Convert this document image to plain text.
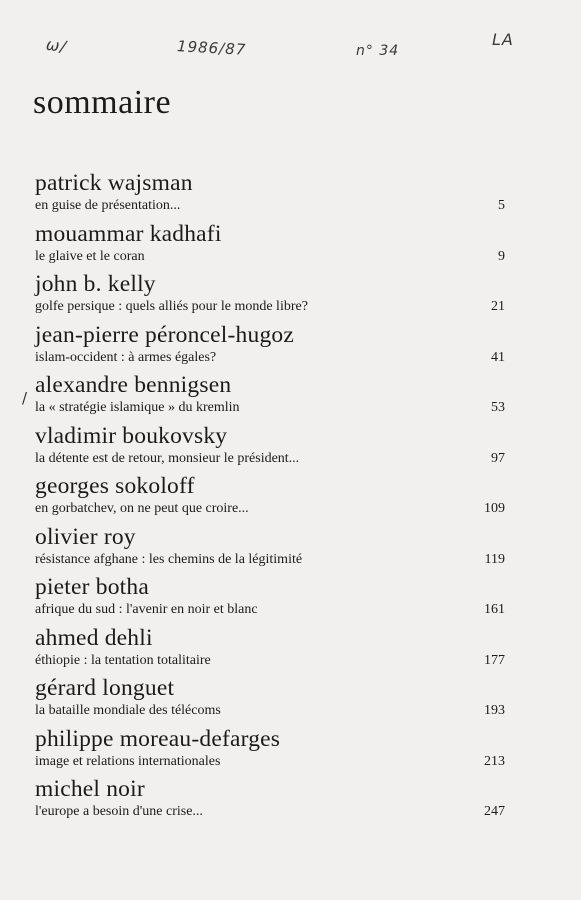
ω/	1986/87	n° 34
LA
sommaire
/
patrick wajsman
en guise de présentation...	5
mouammar kadhafi
le glaive et le coran	9
john b. kelly
golfe persique : quels alliés pour le monde libre?	21
jean-pierre péroncel-hugoz
islam-occident : à armes égales?	41
alexandre bennigsen
la « stratégie islamique » du kremlin	53
vladimir boukovsky
la détente est de retour, monsieur le président...	97
georges sokoloff
en gorbatchev, on ne peut que croire...	109
olivier roy
résistance afghane : les chemins de la légitimité	119
pieter botha
afrique du sud : l'avenir en noir et blanc	161
ahmed dehli
éthiopie : la tentation totalitaire	177
gérard longuet
la bataille mondiale des télécoms	193
philippe moreau-defarges
image et relations internationales	213
michel noir
l'europe a besoin d'une crise...	247
